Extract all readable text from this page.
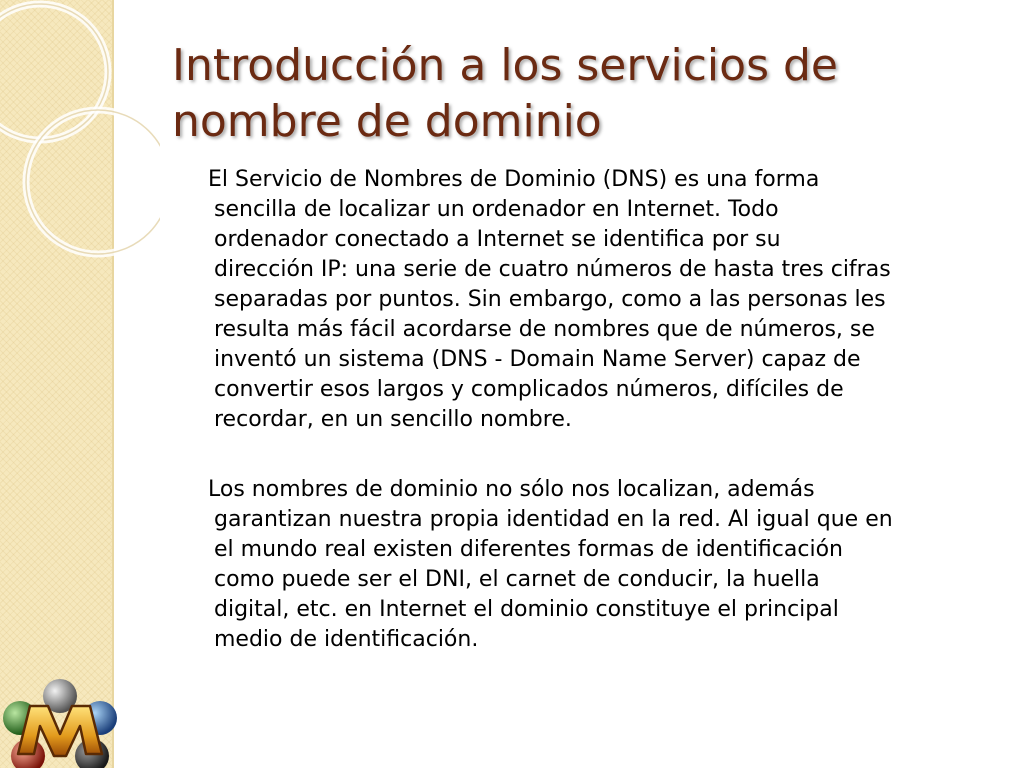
Introducción a los servicios de nombre de dominio

El Servicio de Nombres de Dominio (DNS) es una forma
sencilla de localizar un ordenador en Internet. Todo
ordenador conectado a Internet se identifica por su
dirección IP: una serie de cuatro números de hasta tres cifras
separadas por puntos. Sin embargo, como a las personas les
resulta más fácil acordarse de nombres que de números, se
inventó un sistema (DNS - Domain Name Server) capaz de
convertir esos largos y complicados números, difíciles de
recordar, en un sencillo nombre.

Los nombres de dominio no sólo nos localizan, además
garantizan nuestra propia identidad en la red. Al igual que en
el mundo real existen diferentes formas de identificación
como puede ser el DNI, el carnet de conducir, la huella
digital, etc. en Internet el dominio constituye el principal
medio de identificación.
